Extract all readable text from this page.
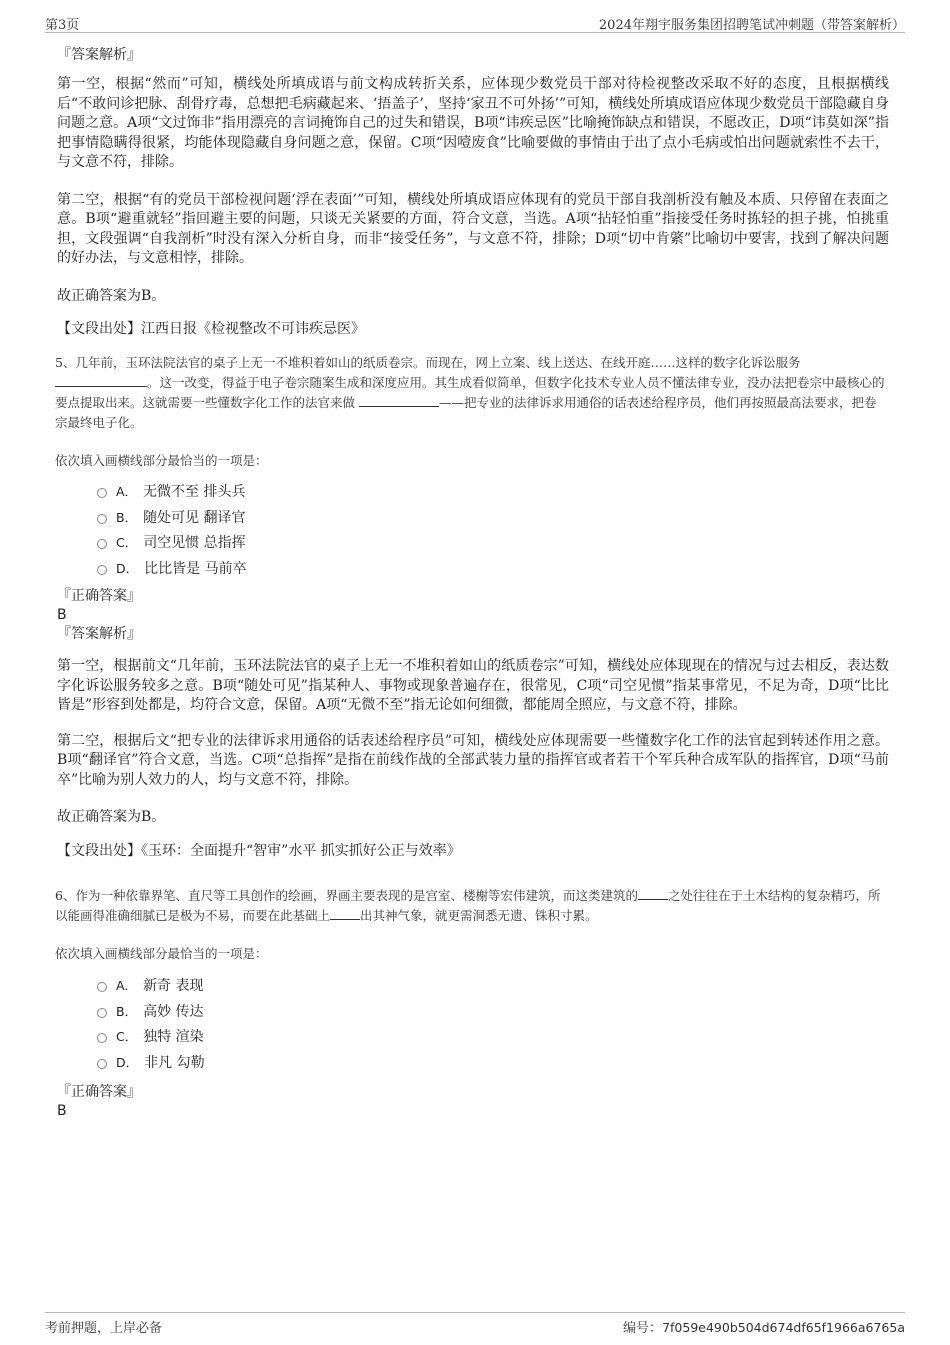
第3页	2024年翔宇服务集团招聘笔试冲刺题（带答案解析）

『答案解析』

第一空，根据“然而”可知，横线处所填成语与前文构成转折关系，应体现少数党员干部对待检视整改采取不好的态度，且根据横线后“不敢问诊把脉、刮骨疗毒，总想把毛病藏起来、‘捂盖子’，坚持‘家丑不可外扬’”可知，横线处所填成语应体现少数党员干部隐藏自身问题之意。A项“文过饰非”指用漂亮的言词掩饰自己的过失和错误，B项“讳疾忌医”比喻掩饰缺点和错误，不愿改正，D项“讳莫如深”指把事情隐瞒得很紧，均能体现隐藏自身问题之意，保留。C项“因噎废食”比喻要做的事情由于出了点小毛病或怕出问题就索性不去干，与文意不符，排除。

第二空，根据“有的党员干部检视问题‘浮在表面’”可知，横线处所填成语应体现有的党员干部自我剖析没有触及本质、只停留在表面之意。B项“避重就轻”指回避主要的问题，只谈无关紧要的方面，符合文意，当选。A项“拈轻怕重”指接受任务时拣轻的担子挑，怕挑重担，文段强调“自我剖析”时没有深入分析自身，而非“接受任务”，与文意不符，排除；D项“切中肯綮”比喻切中要害，找到了解决问题的好办法，与文意相悖，排除。

故正确答案为B。

【文段出处】江西日报《检视整改不可讳疾忌医》

5、几年前，玉环法院法官的桌子上无一不堆积着如山的纸质卷宗。而现在，网上立案、线上送达、在线开庭……这样的数字化诉讼服务 。这一改变，得益于电子卷宗随案生成和深度应用。其生成看似简单，但数字化技术专业人员不懂法律专业，没办法把卷宗中最核心的要点提取出来。这就需要一些懂数字化工作的法官来做	——把专业的法律诉求用通俗的话表述给程序员，他们再按照最高法要求，把卷宗最终电子化。

依次填入画横线部分最恰当的一项是：

A． 无微不至 排头兵
B． 随处可见 翻译官
C． 司空见惯 总指挥
D． 比比皆是 马前卒

『正确答案』

B

『答案解析』

第一空，根据前文“几年前，玉环法院法官的桌子上无一不堆积着如山的纸质卷宗”可知，横线处应体现现在的情况与过去相反，表达数字化诉讼服务较多之意。B项“随处可见”指某种人、事物或现象普遍存在，很常见，C项“司空见惯”指某事常见，不足为奇，D项“比比皆是”形容到处都是，均符合文意，保留。A项“无微不至”指无论如何细微，都能周全照应，与文意不符，排除。

第二空，根据后文“把专业的法律诉求用通俗的话表述给程序员”可知，横线处应体现需要一些懂数字化工作的法官起到转述作用之意。B项“翻译官”符合文意，当选。C项“总指挥”是指在前线作战的全部武装力量的指挥官或者若干个军兵种合成军队的指挥官，D项“马前卒”比喻为别人效力的人，均与文意不符，排除。

故正确答案为B。

【文段出处】《玉环：全面提升“智审”水平 抓实抓好公正与效率》

6、作为一种依靠界笔、直尺等工具创作的绘画，界画主要表现的是宫室、楼榭等宏伟建筑，而这类建筑的 之处往往在于土木结构的复杂精巧，所以能画得准确细腻已是极为不易，而要在此基础上 出其神气象，就更需洞悉无遗、铢积寸累。

依次填入画横线部分最恰当的一项是：

A． 新奇 表现
B． 高妙 传达
C． 独特 渲染
D． 非凡 勾勒

『正确答案』

B

考前押题，上岸必备	编号：7f059e490b504d674df65f1966a6765a
